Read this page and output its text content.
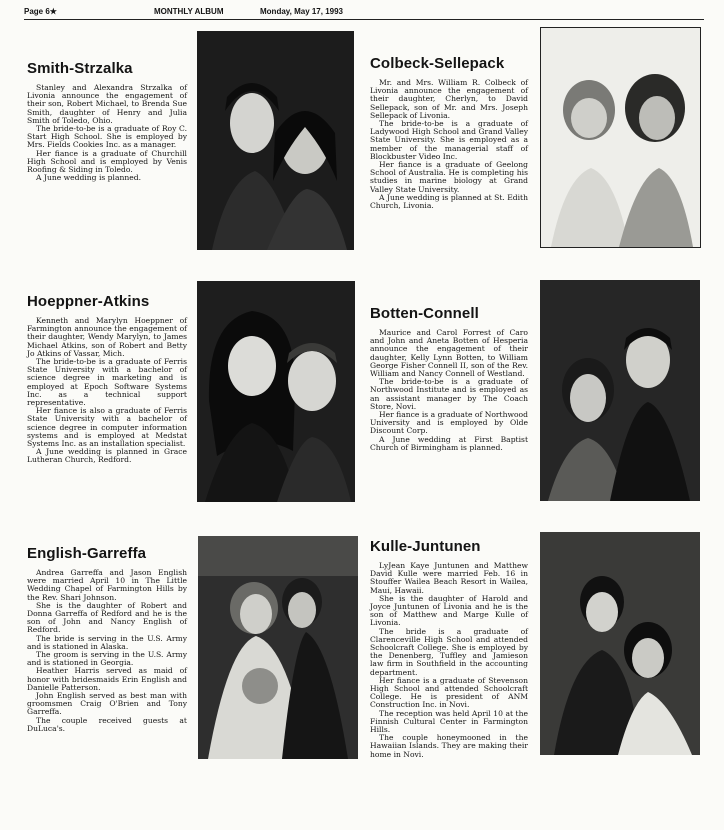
Page 6★	MONTHLY ALBUM	Monday, May 17, 1993
Smith-Strzalka

Stanley and Alexandra Strzalka of Livonia announce the engagement of their son, Robert Michael, to Brenda Sue Smith, daughter of Henry and Julia Smith of Toledo, Ohio.

The bride-to-be is a graduate of Roy C. Start High School. She is employed by Mrs. Fields Cookies Inc. as a manager.

Her fiance is a graduate of Churchill High School and is employed by Venis Roofing & Siding in Toledo.

A June wedding is planned.

Colbeck-Sellepack

Mr. and Mrs. William R. Colbeck of Livonia announce the engagement of their daughter, Cherlyn, to David Sellepack, son of Mr. and Mrs. Joseph Sellepack of Livonia.

The bride-to-be is a graduate of Ladywood High School and Grand Valley State University. She is employed as a member of the managerial staff of Blockbuster Video Inc.

Her fiance is a graduate of Geelong School of Australia. He is completing his studies in marine biology at Grand Valley State University.

A June wedding is planned at St. Edith Church, Livonia.

Hoeppner-Atkins

Kenneth and Marylyn Hoeppner of Farmington announce the engagement of their daughter, Wendy Marylyn, to James Michael Atkins, son of Robert and Betty Jo Atkins of Vassar, Mich.

The bride-to-be is a graduate of Ferris State University with a bachelor of science degree in marketing and is employed at Epoch Software Systems Inc. as a technical support representative.

Her fiance is also a graduate of Ferris State University with a bachelor of science degree in computer information systems and is employed at Medstat Systems Inc. as an installation specialist.

A June wedding is planned in Grace Lutheran Church, Redford.

Botten-Connell

Maurice and Carol Forrest of Caro and John and Aneta Botten of Hesperia announce the engagement of their daughter, Kelly Lynn Botten, to William George Fisher Connell II, son of the Rev. William and Nancy Connell of Westland.

The bride-to-be is a graduate of Northwood Institute and is employed as an assistant manager by The Coach Store, Novi.

Her fiance is a graduate of Northwood University and is employed by Olde Discount Corp.

A June wedding at First Baptist Church of Birmingham is planned.

English-Garreffa

Andrea Garreffa and Jason English were married April 10 in The Little Wedding Chapel of Farmington Hills by the Rev. Shari Johnson.

She is the daughter of Robert and Donna Garreffa of Redford and he is the son of John and Nancy English of Redford.

The bride is serving in the U.S. Army and is stationed in Alaska.

The groom is serving in the U.S. Army and is stationed in Georgia.

Heather Harris served as maid of honor with bridesmaids Erin English and Danielle Patterson.

John English served as best man with groomsmen Craig O'Brien and Tony Garreffa.

The couple received guests at DuLuca's.

Kulle-Juntunen

LyJean Kaye Juntunen and Matthew David Kulle were married Feb. 16 in Stouffer Wailea Beach Resort in Wailea, Maui, Hawaii.

She is the daughter of Harold and Joyce Juntunen of Livonia and he is the son of Matthew and Marge Kulle of Livonia.

The bride is a graduate of Clarenceville High School and attended Schoolcraft College. She is employed by the Denenberg, Tuffley and Jamieson law firm in Southfield in the accounting department.

Her fiance is a graduate of Stevenson High School and attended Schoolcraft College. He is president of ANM Construction Inc. in Novi.

The reception was held April 10 at the Finnish Cultural Center in Farmington Hills.

The couple honeymooned in the Hawaiian Islands. They are making their home in Novi.
